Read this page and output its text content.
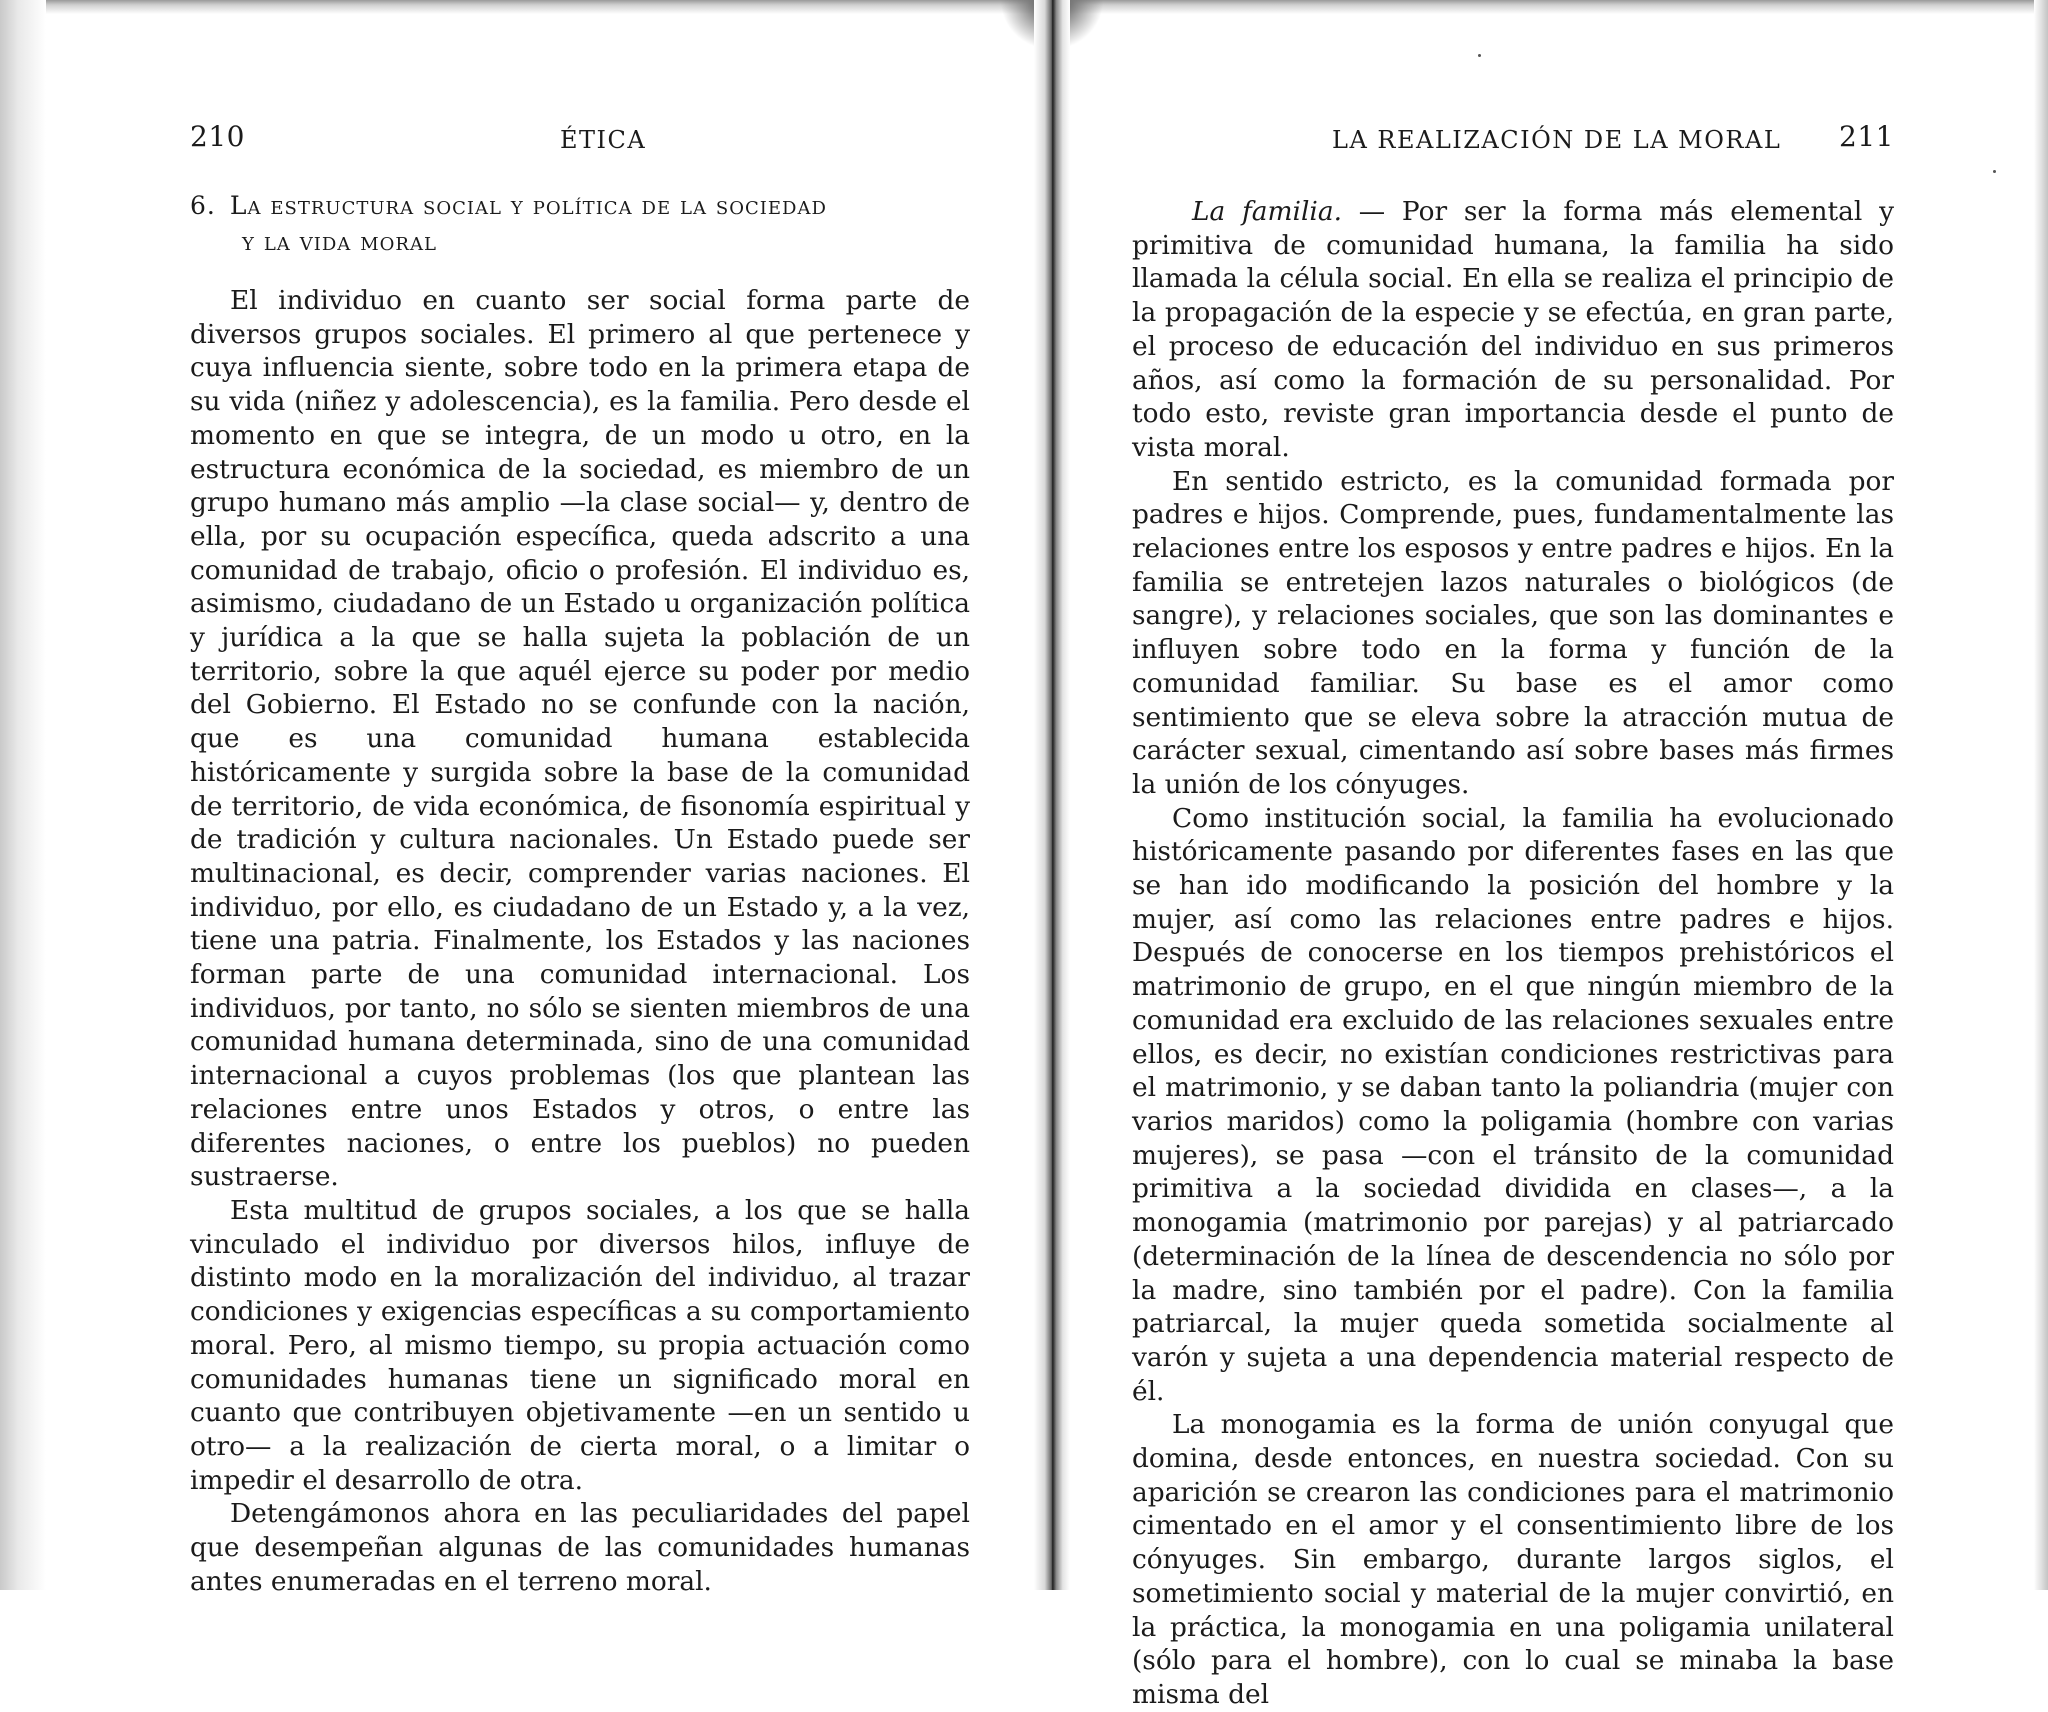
210	ÉTICA
6. La estructura social y política de la sociedad
y la vida moral

El individuo en cuanto ser social forma parte de diversos grupos sociales. El primero al que pertenece y cuya influencia siente, sobre todo en la primera etapa de su vida (niñez y adolescencia), es la familia. Pero desde el momento en que se integra, de un modo u otro, en la estructura económica de la sociedad, es miembro de un grupo humano más amplio —la clase social— y, dentro de ella, por su ocupación específica, queda adscrito a una comunidad de trabajo, oficio o profesión. El individuo es, asimismo, ciudadano de un Estado u organización política y jurídica a la que se halla sujeta la población de un territorio, sobre la que aquél ejerce su poder por medio del Gobierno. El Estado no se confunde con la nación, que es una comunidad humana establecida históricamente y surgida sobre la base de la comunidad de territorio, de vida económica, de fisonomía espiritual y de tradición y cultura nacionales. Un Estado puede ser multinacional, es decir, comprender varias naciones. El individuo, por ello, es ciudadano de un Estado y, a la vez, tiene una patria. Finalmente, los Estados y las naciones forman parte de una comunidad internacional. Los individuos, por tanto, no sólo se sienten miembros de una comunidad humana determinada, sino de una comunidad internacional a cuyos problemas (los que plantean las relaciones entre unos Estados y otros, o entre las diferentes naciones, o entre los pueblos) no pueden sustraerse.

Esta multitud de grupos sociales, a los que se halla vinculado el individuo por diversos hilos, influye de distinto modo en la moralización del individuo, al trazar condiciones y exigencias específicas a su comportamiento moral. Pero, al mismo tiempo, su propia actuación como comunidades humanas tiene un significado moral en cuanto que contribuyen objetivamente —en un sentido u otro— a la realización de cierta moral, o a limitar o impedir el desarrollo de otra.

Detengámonos ahora en las peculiaridades del papel que desempeñan algunas de las comunidades humanas antes enumeradas en el terreno moral.

LA REALIZACIÓN DE LA MORAL 211

La familia. — Por ser la forma más elemental y primitiva de comunidad humana, la familia ha sido llamada la célula social. En ella se realiza el principio de la propagación de la especie y se efectúa, en gran parte, el proceso de educación del individuo en sus primeros años, así como la formación de su personalidad. Por todo esto, reviste gran importancia desde el punto de vista moral.

En sentido estricto, es la comunidad formada por padres e hijos. Comprende, pues, fundamentalmente las relaciones entre los esposos y entre padres e hijos. En la familia se entretejen lazos naturales o biológicos (de sangre), y relaciones sociales, que son las dominantes e influyen sobre todo en la forma y función de la comunidad familiar. Su base es el amor como sentimiento que se eleva sobre la atracción mutua de carácter sexual, cimentando así sobre bases más firmes la unión de los cónyuges.

Como institución social, la familia ha evolucionado históricamente pasando por diferentes fases en las que se han ido modificando la posición del hombre y la mujer, así como las relaciones entre padres e hijos. Después de conocerse en los tiempos prehistóricos el matrimonio de grupo, en el que ningún miembro de la comunidad era excluido de las relaciones sexuales entre ellos, es decir, no existían condiciones restrictivas para el matrimonio, y se daban tanto la poliandria (mujer con varios maridos) como la poligamia (hombre con varias mujeres), se pasa —con el tránsito de la comunidad primitiva a la sociedad dividida en clases—, a la monogamia (matrimonio por parejas) y al patriarcado (determinación de la línea de descendencia no sólo por la madre, sino también por el padre). Con la familia patriarcal, la mujer queda sometida socialmente al varón y sujeta a una dependencia material respecto de él.

La monogamia es la forma de unión conyugal que domina, desde entonces, en nuestra sociedad. Con su aparición se crearon las condiciones para el matrimonio cimentado en el amor y el consentimiento libre de los cónyuges. Sin embargo, durante largos siglos, el sometimiento social y material de la mujer convirtió, en la práctica, la monogamia en una poligamia unilateral (sólo para el hombre), con lo cual se minaba la base misma del
